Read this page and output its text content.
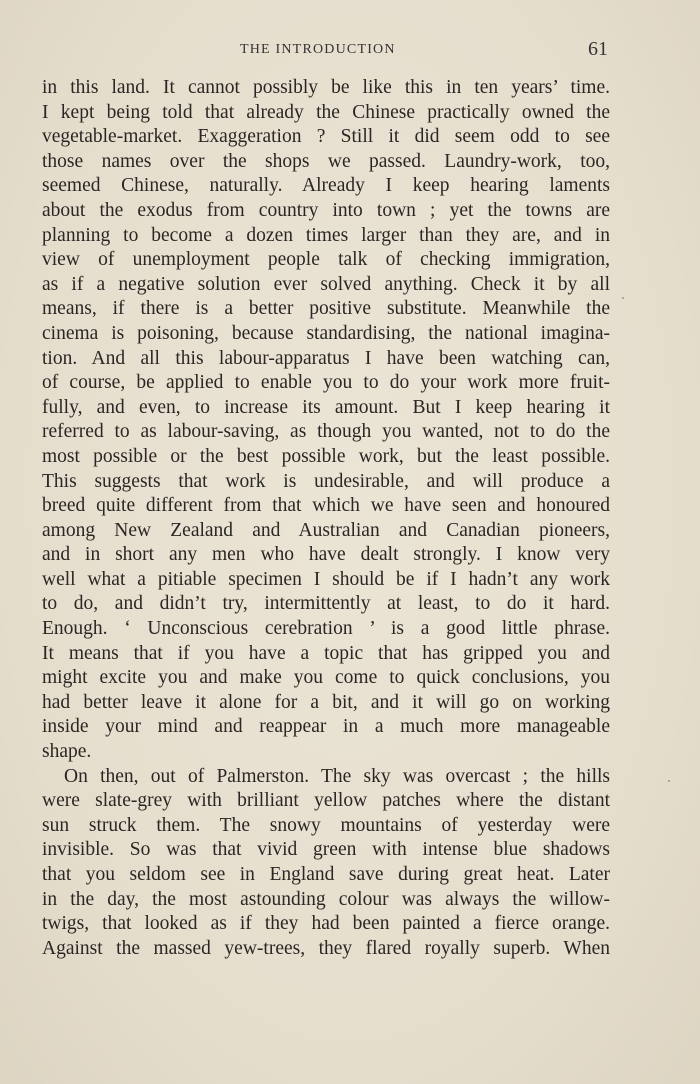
THE INTRODUCTION	61
in this land. It cannot possibly be like this in ten years’ time.
I kept being told that already the Chinese practically owned the
vegetable-market. Exaggeration ? Still it did seem odd to see
those names over the shops we passed. Laundry-work, too,
seemed Chinese, naturally. Already I keep hearing laments
about the exodus from country into town ; yet the towns are
planning to become a dozen times larger than they are, and in
view of unemployment people talk of checking immigration,
as if a negative solution ever solved anything. Check it by all
means, if there is a better positive substitute. Meanwhile the
cinema is poisoning, because standardising, the national imagina-
tion. And all this labour-apparatus I have been watching can,
of course, be applied to enable you to do your work more fruit-
fully, and even, to increase its amount. But I keep hearing it
referred to as labour-saving, as though you wanted, not to do the
most possible or the best possible work, but the least possible.
This suggests that work is undesirable, and will produce a
breed quite different from that which we have seen and honoured
among New Zealand and Australian and Canadian pioneers,
and in short any men who have dealt strongly. I know very
well what a pitiable specimen I should be if I hadn’t any work
to do, and didn’t try, intermittently at least, to do it hard.
Enough. ‘ Unconscious cerebration ’ is a good little phrase.
It means that if you have a topic that has gripped you and
might excite you and make you come to quick conclusions, you
had better leave it alone for a bit, and it will go on working
inside your mind and reappear in a much more manageable
shape.
On then, out of Palmerston. The sky was overcast ; the hills
were slate-grey with brilliant yellow patches where the distant
sun struck them. The snowy mountains of yesterday were
invisible. So was that vivid green with intense blue shadows
that you seldom see in England save during great heat. Later
in the day, the most astounding colour was always the willow-
twigs, that looked as if they had been painted a fierce orange.
Against the massed yew-trees, they flared royally superb. When
